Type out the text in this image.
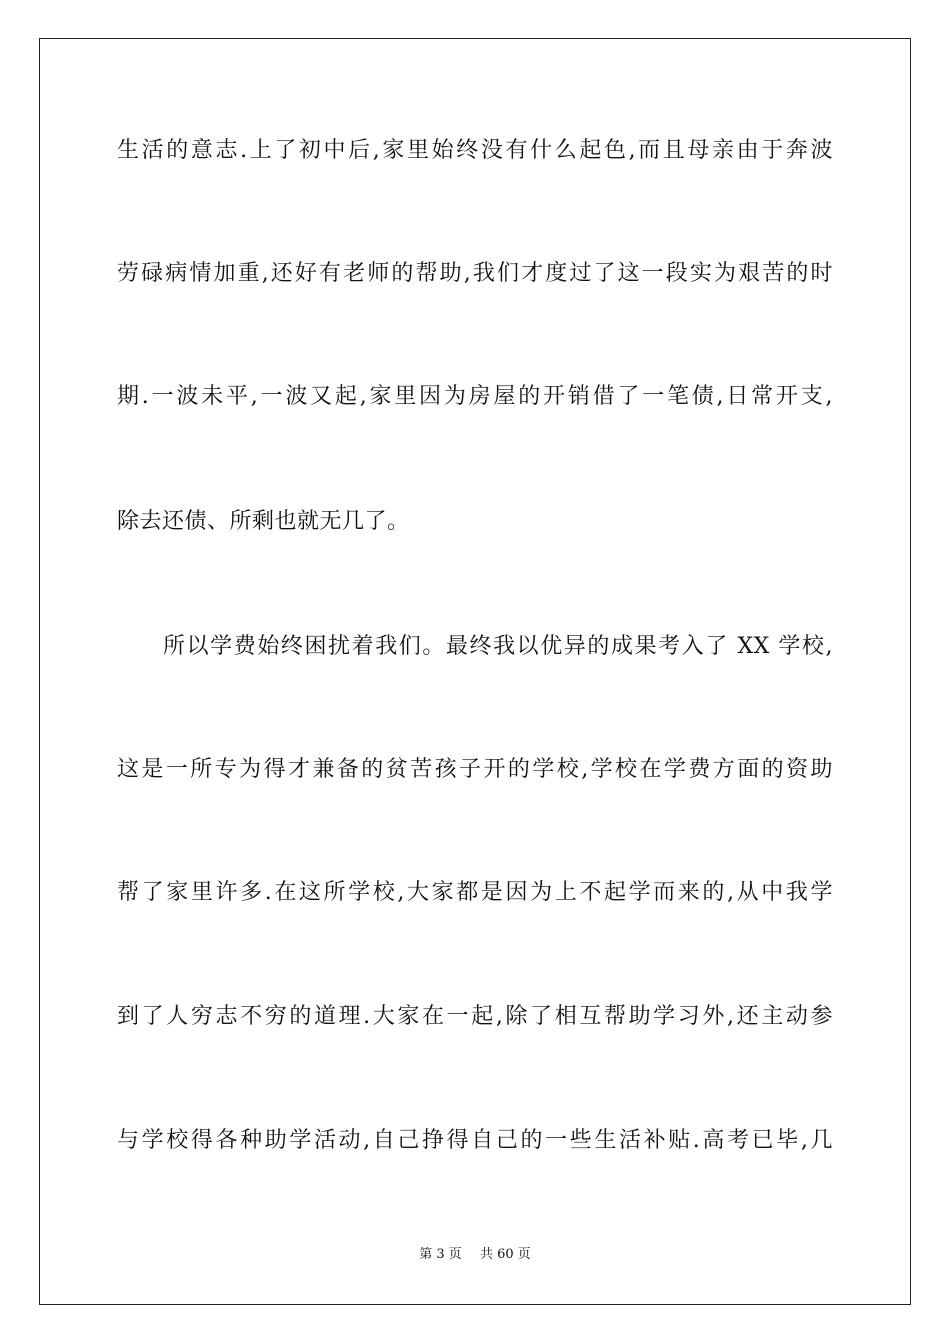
生活的意志.上了初中后,家里始终没有什么起色,而且母亲由于奔波
劳碌病情加重,还好有老师的帮助,我们才度过了这一段实为艰苦的时
期.一波未平,一波又起,家里因为房屋的开销借了一笔债,日常开支,
除去还债、所剩也就无几了。
所以学费始终困扰着我们。最终我以优异的成果考入了 XX 学校,
这是一所专为得才兼备的贫苦孩子开的学校,学校在学费方面的资助
帮了家里许多.在这所学校,大家都是因为上不起学而来的,从中我学
到了人穷志不穷的道理.大家在一起,除了相互帮助学习外,还主动参
与学校得各种助学活动,自己挣得自己的一些生活补贴.高考已毕,几
第 3 页 共 60 页
